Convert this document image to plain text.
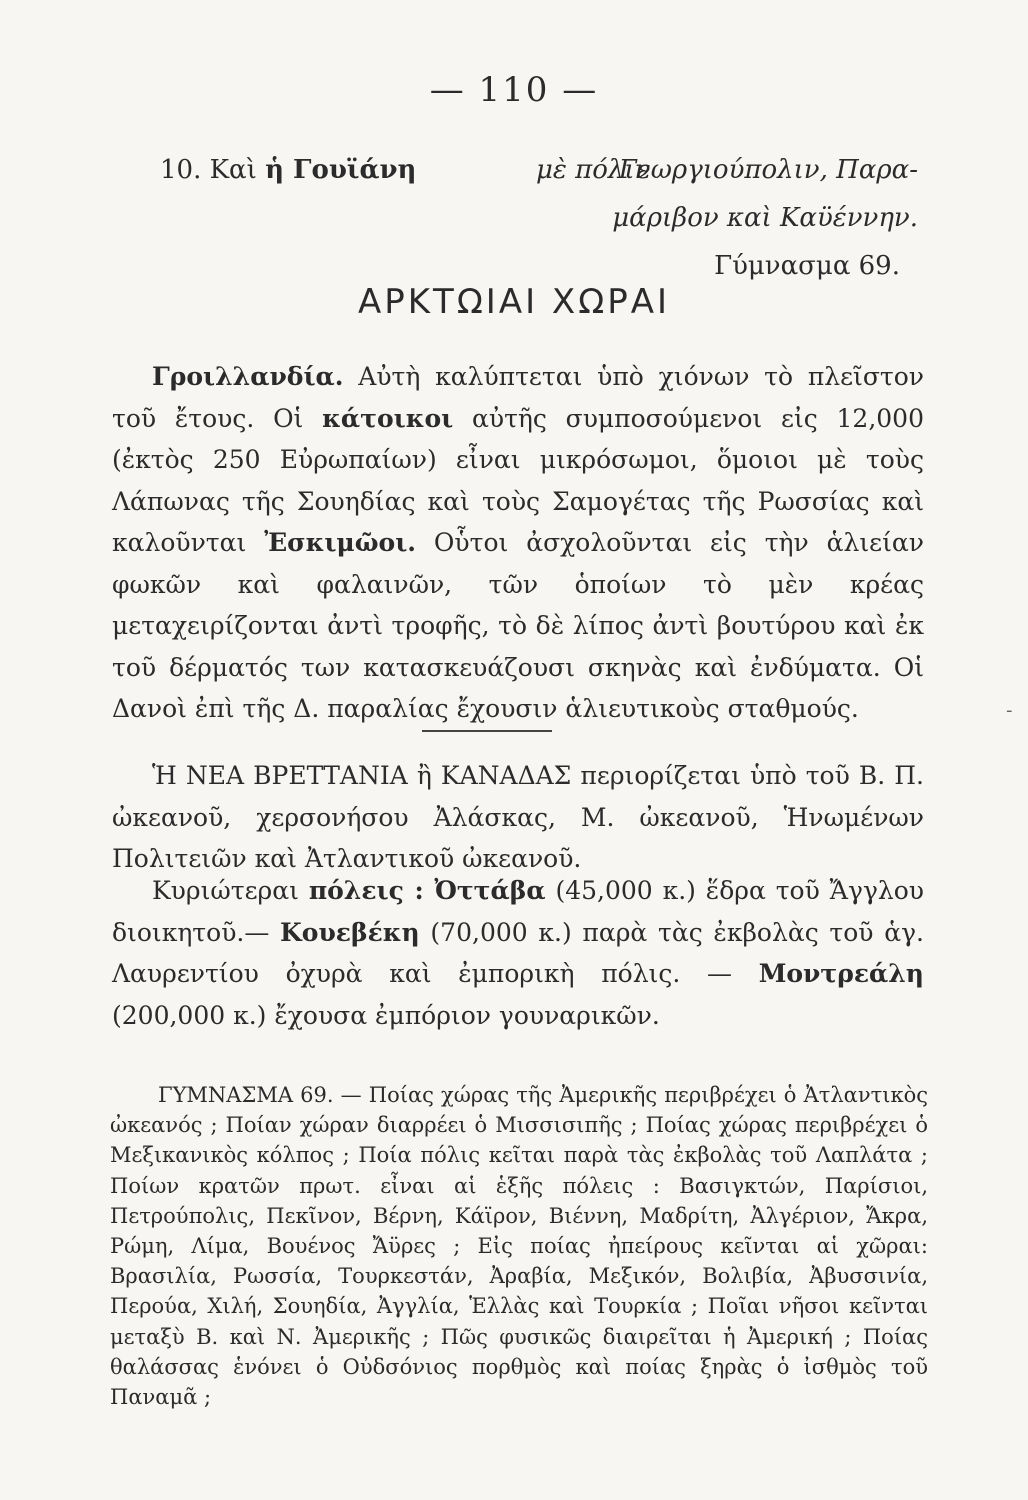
— 110 —
10. Καὶ ἡ Γουϊάνη	μὲ πόλιν
Γεωργιούπολιν, Παρα-
μάριβον καὶ Καϋέννην.
Γύμνασμα 69.
ΑΡΚΤΩΙΑΙ ΧΩΡΑΙ
Γροιλλανδία. Αὐτὴ καλύπτεται ὑπὸ χιόνων τὸ πλεῖστον τοῦ ἔτους. Οἱ κάτοικοι αὐτῆς συμποσούμενοι εἰς 12,000 (ἐκτὸς 250 Εὐρωπαίων) εἶναι μικρόσωμοι, ὅμοιοι μὲ τοὺς Λάπωνας τῆς Σουηδίας καὶ τοὺς Σαμογέτας τῆς Ρωσσίας καὶ καλοῦνται Ἐσκιμῶοι. Οὗτοι ἀσχολοῦνται εἰς τὴν ἁλιείαν φωκῶν καὶ φαλαινῶν, τῶν ὁποίων τὸ μὲν κρέας μεταχειρίζονται ἀντὶ τροφῆς, τὸ δὲ λίπος ἀντὶ βουτύρου καὶ ἐκ τοῦ δέρματός των κατασκευάζουσι σκηνὰς καὶ ἐνδύματα. Οἱ Δανοὶ ἐπὶ τῆς Δ. παραλίας ἔχουσιν ἁλιευτικοὺς σταθμούς.
Ἡ ΝΕΑ ΒΡΕΤΤΑΝΙΑ ἢ ΚΑΝΑΔΑΣ περιορίζεται ὑπὸ τοῦ Β. Π. ὠκεανοῦ, χερσονήσου Ἀλάσκας, Μ. ὠκεανοῦ, Ἡνωμένων Πολιτειῶν καὶ Ἀτλαντικοῦ ὠκεανοῦ.
Κυριώτεραι πόλεις : Ὀττάβα (45,000 κ.) ἕδρα τοῦ Ἄγγλου διοικητοῦ.— Κουεβέκη (70,000 κ.) παρὰ τὰς ἐκβολὰς τοῦ ἁγ. Λαυρεντίου ὀχυρὰ καὶ ἐμπορικὴ πόλις. — Μοντρεάλη (200,000 κ.) ἔχουσα ἐμπόριον γουναρικῶν.
ΓΥΜΝΑΣΜΑ 69. — Ποίας χώρας τῆς Ἀμερικῆς περιβρέχει ὁ Ἀτλαντικὸς ὠκεανός ; Ποίαν χώραν διαρρέει ὁ Μισσισιπῆς ; Ποίας χώρας περιβρέχει ὁ Μεξικανικὸς κόλπος ; Ποία πόλις κεῖται παρὰ τὰς ἐκβολὰς τοῦ Λαπλάτα ; Ποίων κρατῶν πρωτ. εἶναι αἱ ἑξῆς πόλεις : Βασιγκτών, Παρίσιοι, Πετρούπολις, Πεκῖνον, Βέρνη, Κάϊρον, Βιέννη, Μαδρίτη, Ἀλγέριον, Ἄκρα, Ρώμη, Λίμα, Βουένος Ἄϋρες ; Εἰς ποίας ἠπείρους κεῖνται αἱ χῶραι: Βρασιλία, Ρωσσία, Τουρκεστάν, Ἀραβία, Μεξικόν, Βολιβία, Ἀβυσσινία, Περούα, Χιλή, Σουηδία, Ἀγγλία, Ἑλλὰς καὶ Τουρκία ; Ποῖαι νῆσοι κεῖνται μεταξὺ Β. καὶ Ν. Ἀμερικῆς ; Πῶς φυσικῶς διαιρεῖται ἡ Ἀμερική ; Ποίας θαλάσσας ἑνόνει ὁ Οὐδσόνιος πορθμὸς καὶ ποίας ξηρὰς ὁ ἰσθμὸς τοῦ Παναμᾶ ;
-
